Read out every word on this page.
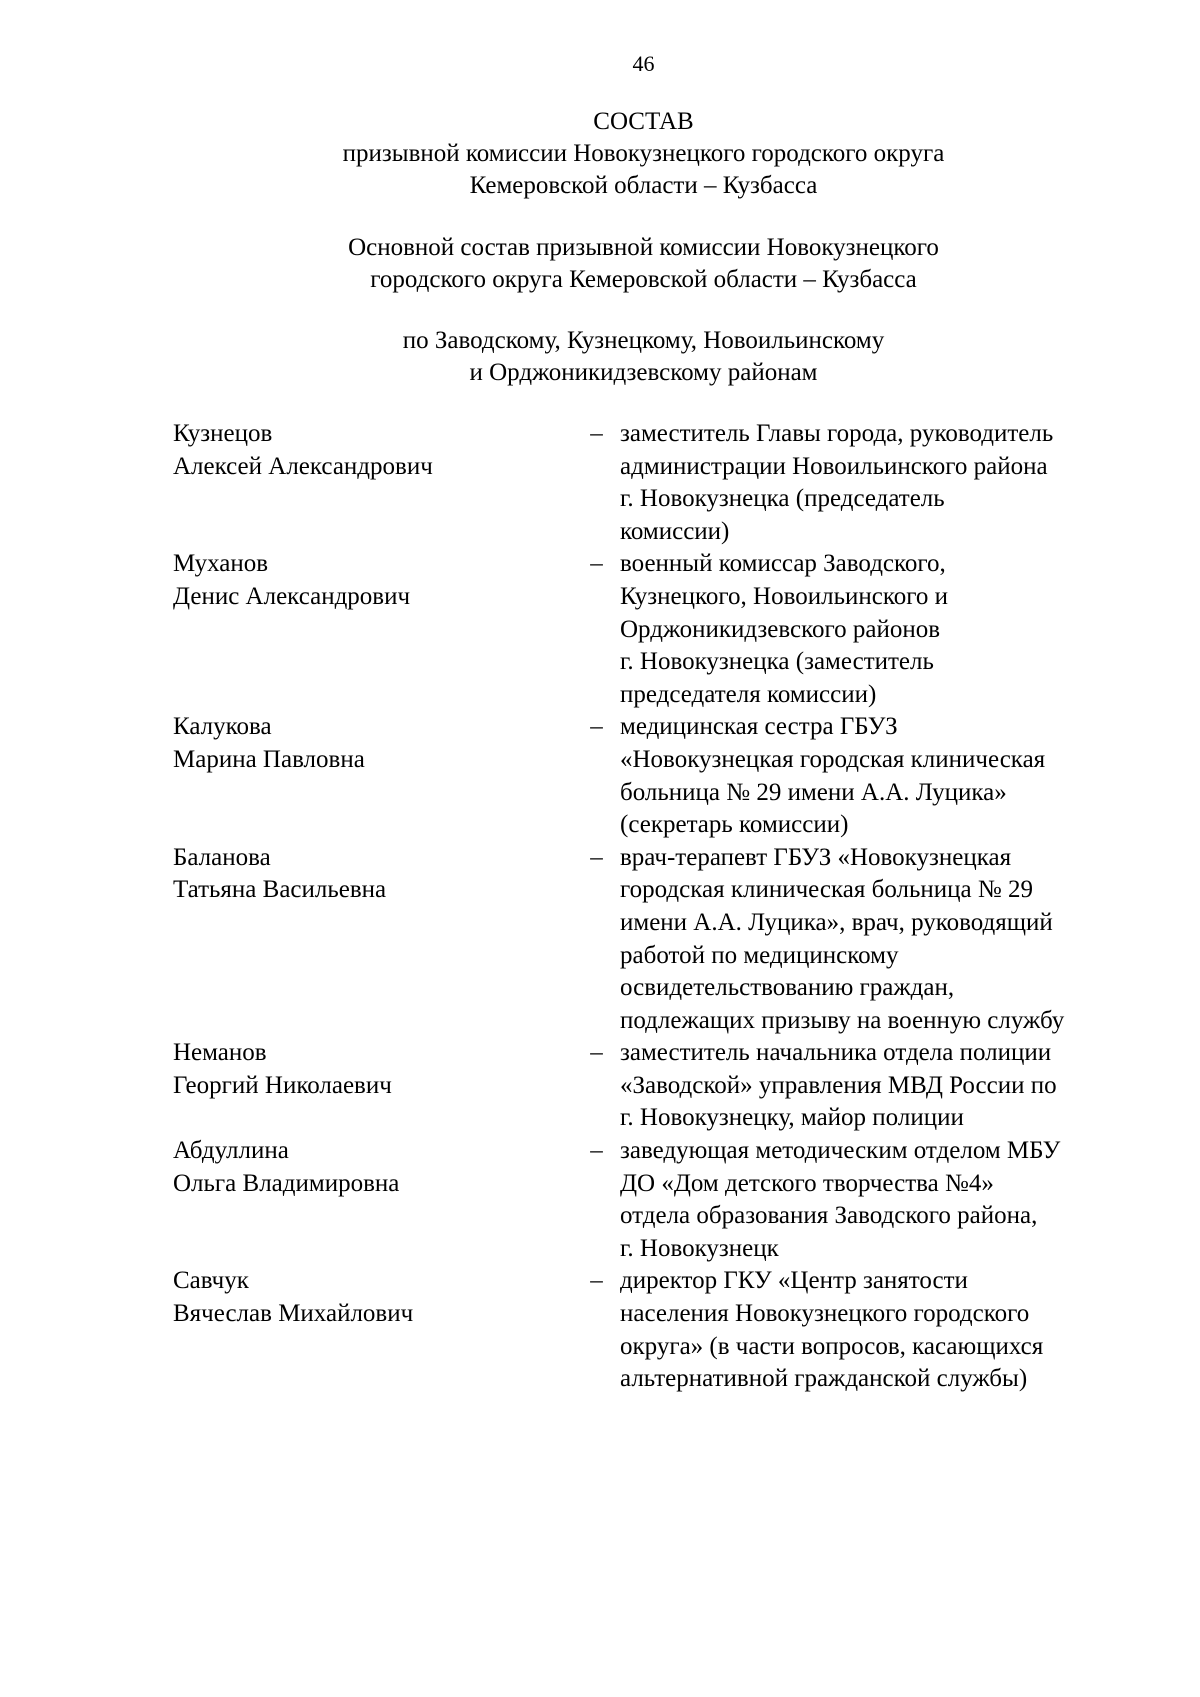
46
СОСТАВ
призывной комиссии Новокузнецкого городского округа
Кемеровской области – Кузбасса
Основной состав призывной комиссии Новокузнецкого
городского округа Кемеровской области – Кузбасса
по Заводскому, Кузнецкому, Новоильинскому
и Орджоникидзевскому районам
Кузнецов
Алексей Александрович
– заместитель Главы города, руководитель
администрации Новоильинского района
г. Новокузнецка (председатель
комиссии)
Муханов
Денис Александрович
– военный комиссар Заводского,
Кузнецкого, Новоильинского и
Орджоникидзевского районов
г. Новокузнецка (заместитель
председателя комиссии)
Калукова
Марина Павловна
– медицинская сестра ГБУЗ
«Новокузнецкая городская клиническая
больница № 29 имени А.А. Луцика»
(секретарь комиссии)
Баланова
Татьяна Васильевна
– врач-терапевт ГБУЗ «Новокузнецкая
городская клиническая больница № 29
имени А.А. Луцика», врач, руководящий
работой по медицинскому
освидетельствованию граждан,
подлежащих призыву на военную службу
Неманов
Георгий Николаевич
– заместитель начальника отдела полиции
«Заводской» управления МВД России по
г. Новокузнецку, майор полиции
Абдуллина
Ольга Владимировна
– заведующая методическим отделом МБУ
ДО «Дом детского творчества №4»
отдела образования Заводского района,
г. Новокузнецк
Савчук
Вячеслав Михайлович
– директор ГКУ «Центр занятости
населения Новокузнецкого городского
округа» (в части вопросов, касающихся
альтернативной гражданской службы)
